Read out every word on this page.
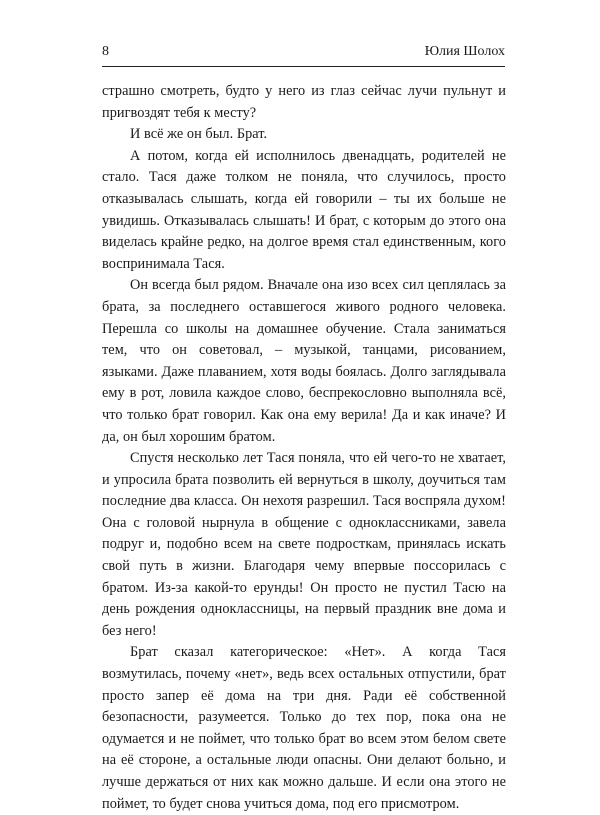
8	Юлия Шолох

страшно смотреть, будто у него из глаз сейчас лучи пульнут и пригвоздят тебя к месту?

И всё же он был. Брат.

А потом, когда ей исполнилось двенадцать, родителей не стало. Тася даже толком не поняла, что случилось, просто отказывалась слышать, когда ей говорили – ты их больше не увидишь. Отказывалась слышать! И брат, с которым до этого она виделась крайне редко, на долгое время стал единственным, кого воспринимала Тася.

Он всегда был рядом. Вначале она изо всех сил цеплялась за брата, за последнего оставшегося живого родного человека. Перешла со школы на домашнее обучение. Стала заниматься тем, что он советовал, – музыкой, танцами, рисованием, языками. Даже плаванием, хотя воды боялась. Долго заглядывала ему в рот, ловила каждое слово, беспрекословно выполняла всё, что только брат говорил. Как она ему верила! Да и как иначе? И да, он был хорошим братом.

Спустя несколько лет Тася поняла, что ей чего-то не хватает, и упросила брата позволить ей вернуться в школу, доучиться там последние два класса. Он нехотя разрешил. Тася воспряла духом! Она с головой нырнула в общение с одноклассниками, завела подруг и, подобно всем на свете подросткам, принялась искать свой путь в жизни. Благодаря чему впервые поссорилась с братом. Из-за какой-то ерунды! Он просто не пустил Тасю на день рождения одноклассницы, на первый праздник вне дома и без него!

Брат сказал категорическое: «Нет». А когда Тася возмутилась, почему «нет», ведь всех остальных отпустили, брат просто запер её дома на три дня. Ради её собственной безопасности, разумеется. Только до тех пор, пока она не одумается и не поймет, что только брат во всем этом белом свете на её стороне, а остальные люди опасны. Они делают больно, и лучше держаться от них как можно дальше. И если она этого не поймет, то будет снова учиться дома, под его присмотром.
